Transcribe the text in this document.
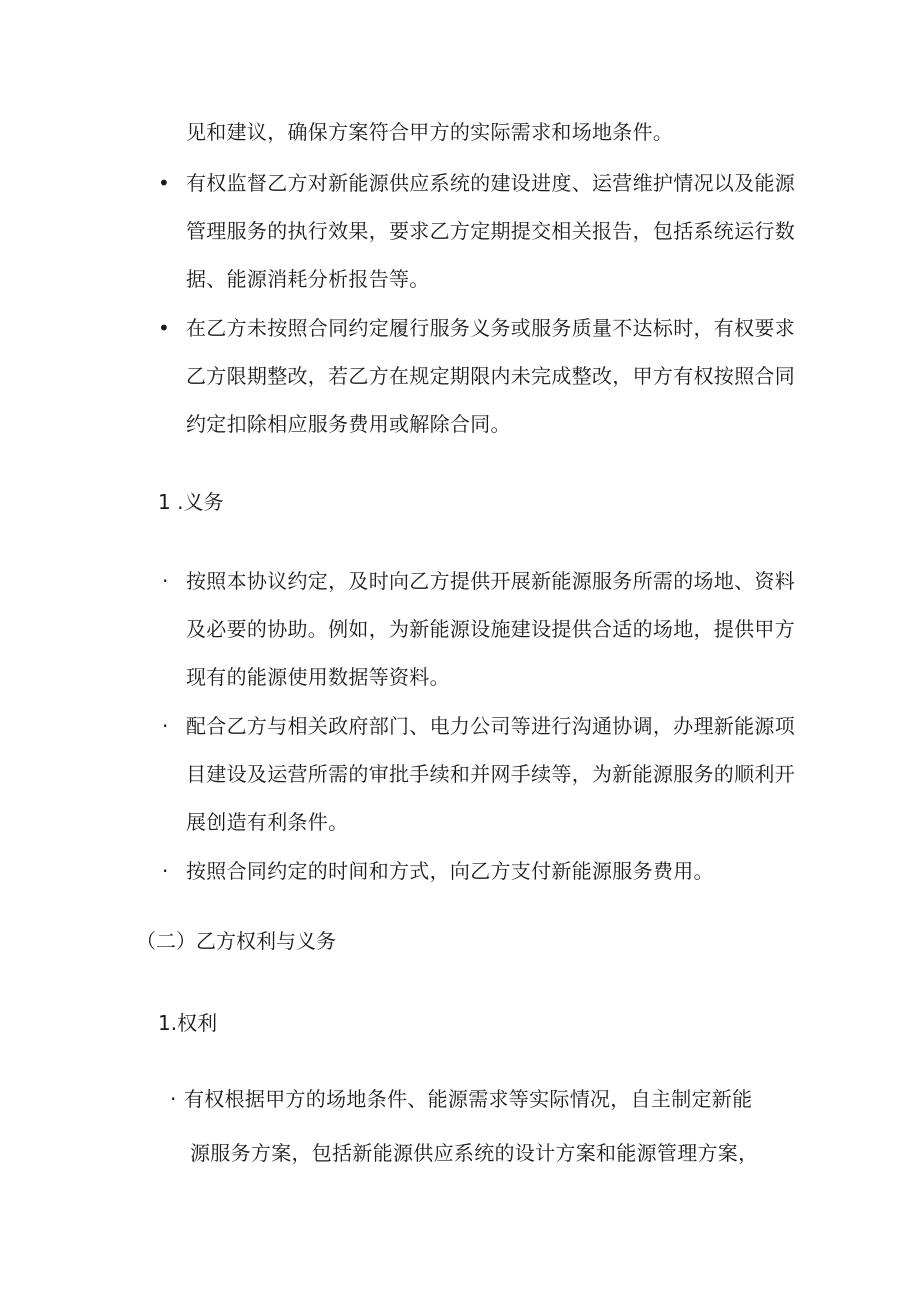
见和建议，确保方案符合甲方的实际需求和场地条件。
• 有权监督乙方对新能源供应系统的建设进度、运营维护情况以及能源
管理服务的执行效果，要求乙方定期提交相关报告，包括系统运行数
据、能源消耗分析报告等。
• 在乙方未按照合同约定履行服务义务或服务质量不达标时，有权要求
乙方限期整改，若乙方在规定期限内未完成整改，甲方有权按照合同
约定扣除相应服务费用或解除合同。
1 .义务
· 按照本协议约定，及时向乙方提供开展新能源服务所需的场地、资料
及必要的协助。例如，为新能源设施建设提供合适的场地，提供甲方
现有的能源使用数据等资料。
· 配合乙方与相关政府部门、电力公司等进行沟通协调，办理新能源项
目建设及运营所需的审批手续和并网手续等，为新能源服务的顺利开
展创造有利条件。
· 按照合同约定的时间和方式，向乙方支付新能源服务费用。
（二）乙方权利与义务
1.权利
· 有权根据甲方的场地条件、能源需求等实际情况，自主制定新能
源服务方案，包括新能源供应系统的设计方案和能源管理方案，
